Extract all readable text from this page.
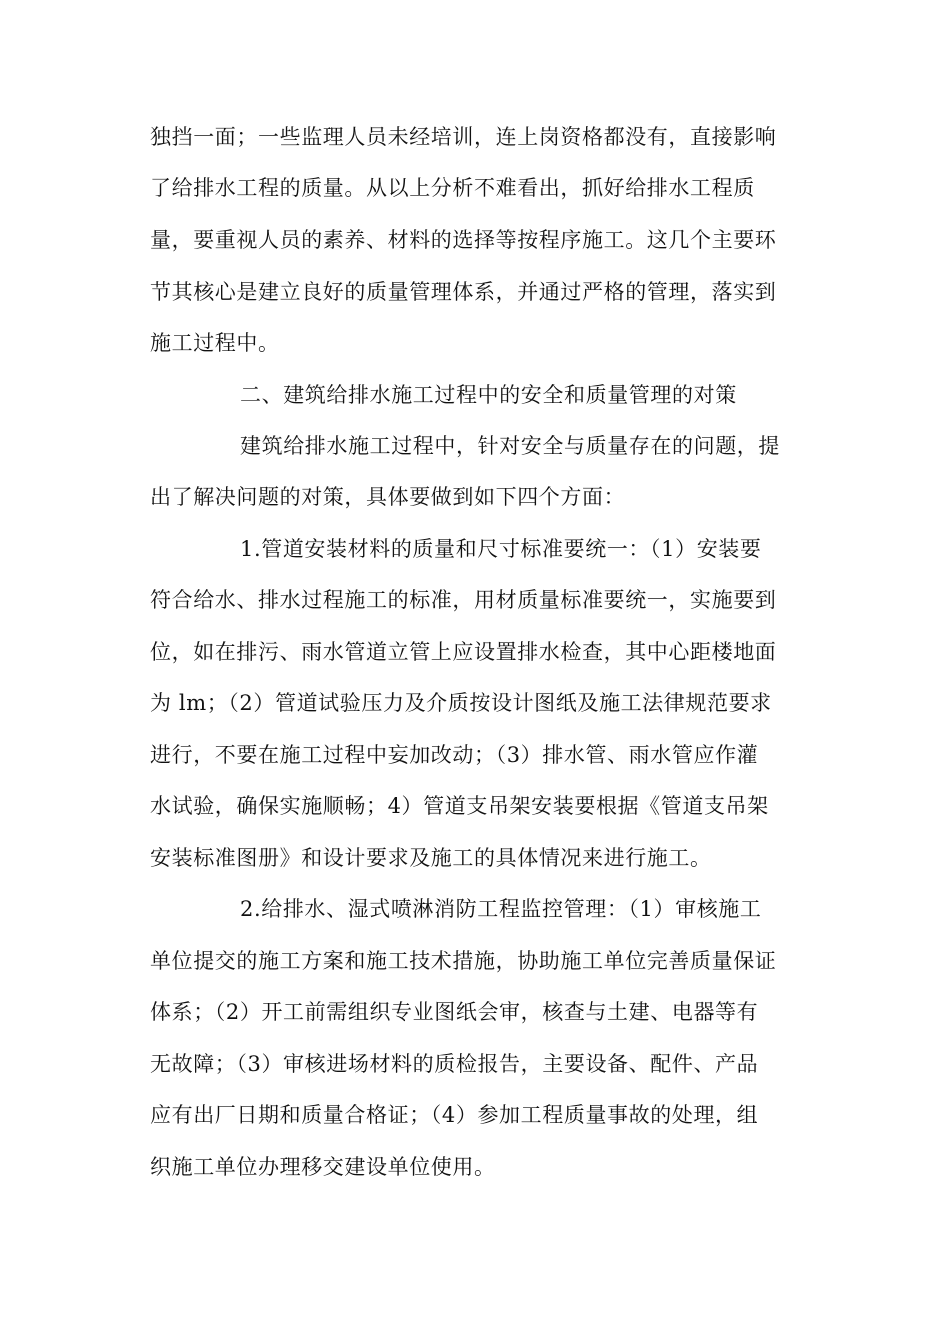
独挡一面；一些监理人员未经培训，连上岗资格都没有，直接影响
了给排水工程的质量。从以上分析不难看出，抓好给排水工程质
量，要重视人员的素养、材料的选择等按程序施工。这几个主要环
节其核心是建立良好的质量管理体系，并通过严格的管理，落实到
施工过程中。
二、建筑给排水施工过程中的安全和质量管理的对策
建筑给排水施工过程中，针对安全与质量存在的问题，提
出了解决问题的对策，具体要做到如下四个方面：
1.管道安装材料的质量和尺寸标准要统一：（1）安装要
符合给水、排水过程施工的标准，用材质量标准要统一，实施要到
位，如在排污、雨水管道立管上应设置排水检查，其中心距楼地面
为 lm；（2）管道试验压力及介质按设计图纸及施工法律规范要求
进行，不要在施工过程中妄加改动；（3）排水管、雨水管应作灌
水试验，确保实施顺畅；4）管道支吊架安装要根据《管道支吊架
安装标准图册》和设计要求及施工的具体情况来进行施工。
2.给排水、湿式喷淋消防工程监控管理：（1）审核施工
单位提交的施工方案和施工技术措施，协助施工单位完善质量保证
体系；（2）开工前需组织专业图纸会审，核查与土建、电器等有
无故障；（3）审核进场材料的质检报告，主要设备、配件、产品
应有出厂日期和质量合格证；（4）参加工程质量事故的处理，组
织施工单位办理移交建设单位使用。
